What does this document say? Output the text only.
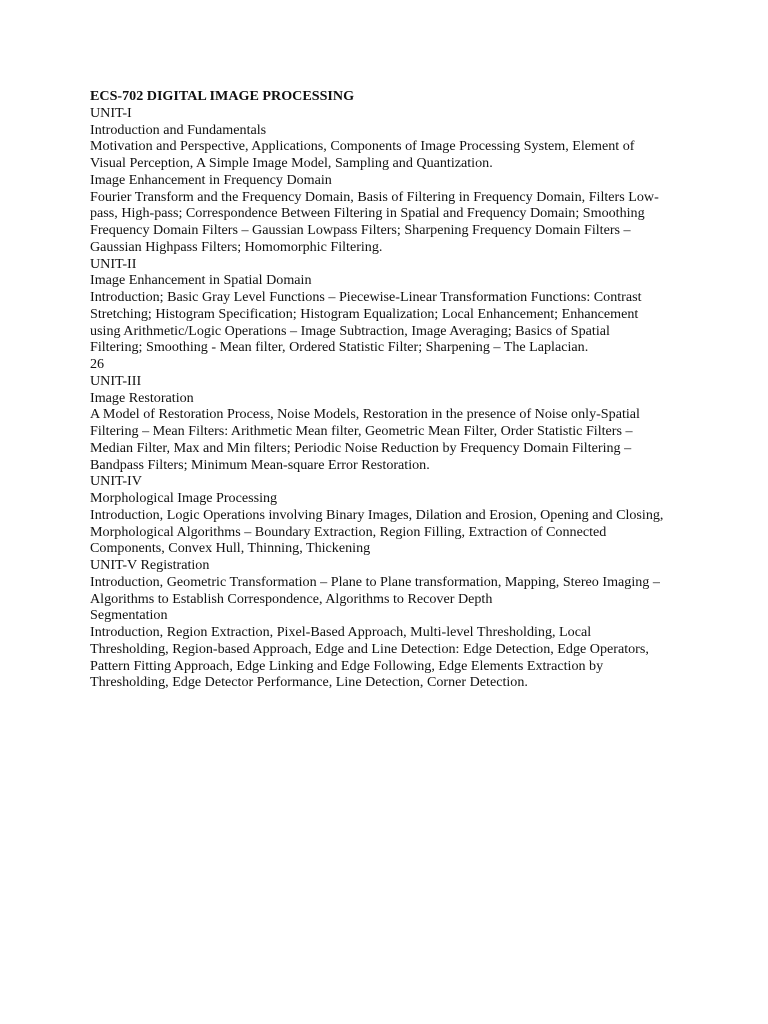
ECS-702 DIGITAL IMAGE PROCESSING
UNIT-I
Introduction and Fundamentals
Motivation and Perspective, Applications, Components of Image Processing System, Element of
Visual Perception, A Simple Image Model, Sampling and Quantization.
Image Enhancement in Frequency Domain
Fourier Transform and the Frequency Domain, Basis of Filtering in Frequency Domain, Filters Low-
pass, High-pass; Correspondence Between Filtering in Spatial and Frequency Domain; Smoothing
Frequency Domain Filters – Gaussian Lowpass Filters; Sharpening Frequency Domain Filters –
Gaussian Highpass Filters; Homomorphic Filtering.
UNIT-II
Image Enhancement in Spatial Domain
Introduction; Basic Gray Level Functions – Piecewise-Linear Transformation Functions: Contrast
Stretching; Histogram Specification; Histogram Equalization; Local Enhancement; Enhancement
using Arithmetic/Logic Operations – Image Subtraction, Image Averaging; Basics of Spatial
Filtering; Smoothing - Mean filter, Ordered Statistic Filter; Sharpening – The Laplacian.
26
UNIT-III
Image Restoration
A Model of Restoration Process, Noise Models, Restoration in the presence of Noise only-Spatial
Filtering – Mean Filters: Arithmetic Mean filter, Geometric Mean Filter, Order Statistic Filters –
Median Filter, Max and Min filters; Periodic Noise Reduction by Frequency Domain Filtering –
Bandpass Filters; Minimum Mean-square Error Restoration.
UNIT-IV
Morphological Image Processing
Introduction, Logic Operations involving Binary Images, Dilation and Erosion, Opening and Closing,
Morphological Algorithms – Boundary Extraction, Region Filling, Extraction of Connected
Components, Convex Hull, Thinning, Thickening
UNIT-V Registration
Introduction, Geometric Transformation – Plane to Plane transformation, Mapping, Stereo Imaging –
Algorithms to Establish Correspondence, Algorithms to Recover Depth
Segmentation
Introduction, Region Extraction, Pixel-Based Approach, Multi-level Thresholding, Local
Thresholding, Region-based Approach, Edge and Line Detection: Edge Detection, Edge Operators,
Pattern Fitting Approach, Edge Linking and Edge Following, Edge Elements Extraction by
Thresholding, Edge Detector Performance, Line Detection, Corner Detection.
